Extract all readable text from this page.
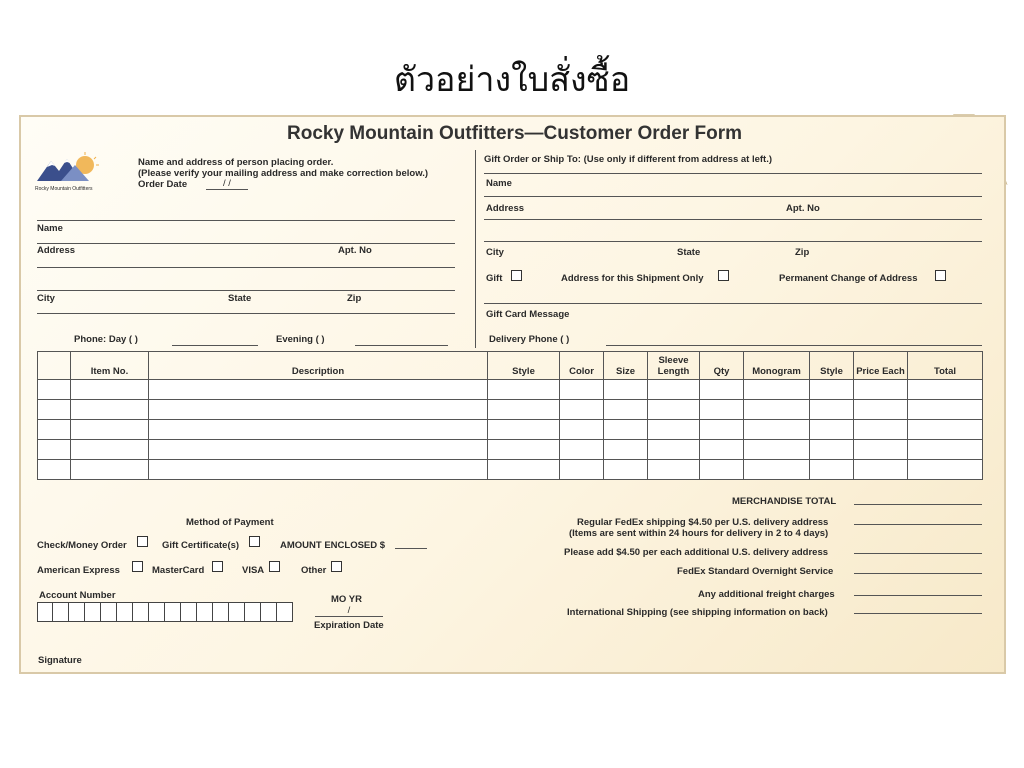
ตัวอย่างใบสั่งซื้อ
Rocky Mountain Outfitters—Customer Order Form
Rocky Mountain Outfitters
Name and address of person placing order.
(Please verify your mailing address and make correction below.)
Order Date	/ /
Name
Address	Apt. No
City	State	Zip
Phone: Day ( )	Evening ( )
Gift Order or Ship To: (Use only if different from address at left.)
Name
Address	Apt. No
City	State	Zip
Gift	Address for this Shipment Only	Permanent Change of Address
Gift Card Message
Delivery Phone ( )
	Item No.	Description	Style	Color	Size	Sleeve Length	Qty	Monogram	Style	Price Each	Total

Method of Payment
Check/Money Order	Gift Certificate(s)	AMOUNT ENCLOSED $
American Express	MasterCard	VISA	Other
Account Number	MO YR
/
Expiration Date
Signature
MERCHANDISE TOTAL
Regular FedEx shipping $4.50 per U.S. delivery address
(Items are sent within 24 hours for delivery in 2 to 4 days)
Please add $4.50 per each additional U.S. delivery address
FedEx Standard Overnight Service
Any additional freight charges
International Shipping (see shipping information on back)
